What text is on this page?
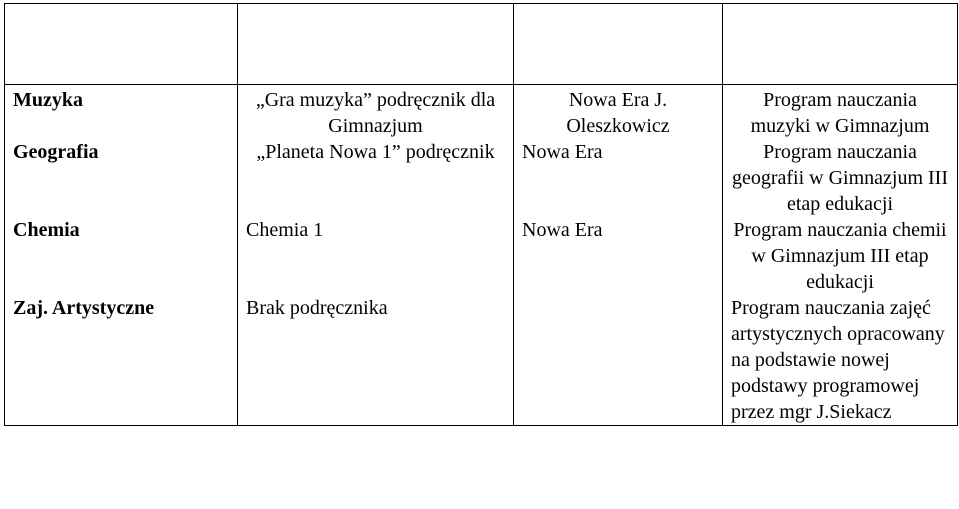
Muzyka	„Gra muzyka” podręcznik dla Gimnazjum	Nowa Era J. Oleszkowicz	Program nauczania muzyki w Gimnazjum
Geografia	„Planeta Nowa 1” podręcznik	Nowa Era	Program nauczania geografii w Gimnazjum III etap edukacji
Chemia	Chemia 1	Nowa Era	Program nauczania chemii w Gimnazjum III etap edukacji
Zaj. Artystyczne	Brak podręcznika		Program nauczania zajęć artystycznych opracowany na podstawie nowej podstawy programowej przez mgr J.Siekacz
